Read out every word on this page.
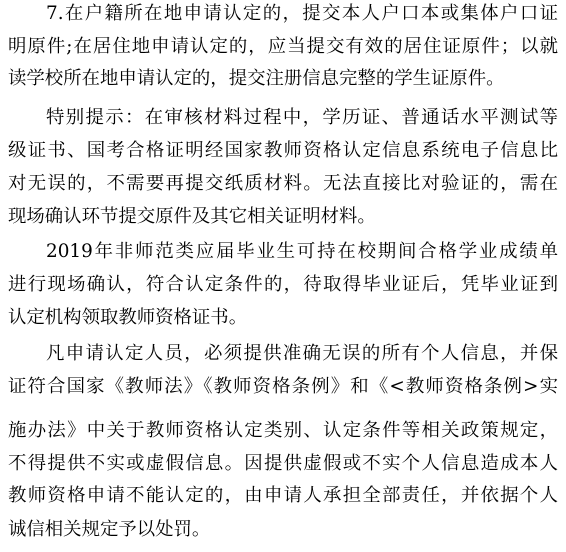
7.在户籍所在地申请认定的，提交本人户口本或集体户口证
明原件;在居住地申请认定的，应当提交有效的居住证原件；以就
读学校所在地申请认定的，提交注册信息完整的学生证原件。
特别提示：在审核材料过程中，学历证、普通话水平测试等
级证书、国考合格证明经国家教师资格认定信息系统电子信息比
对无误的，不需要再提交纸质材料。无法直接比对验证的，需在
现场确认环节提交原件及其它相关证明材料。
2019年非师范类应届毕业生可持在校期间合格学业成绩单
进行现场确认，符合认定条件的，待取得毕业证后，凭毕业证到
认定机构领取教师资格证书。
凡申请认定人员，必须提供准确无误的所有个人信息，并保
证符合国家《教师法》《教师资格条例》和《<教师资格条例>实
施办法》中关于教师资格认定类别、认定条件等相关政策规定，
不得提供不实或虚假信息。因提供虚假或不实个人信息造成本人
教师资格申请不能认定的，由申请人承担全部责任，并依据个人
诚信相关规定予以处罚。
